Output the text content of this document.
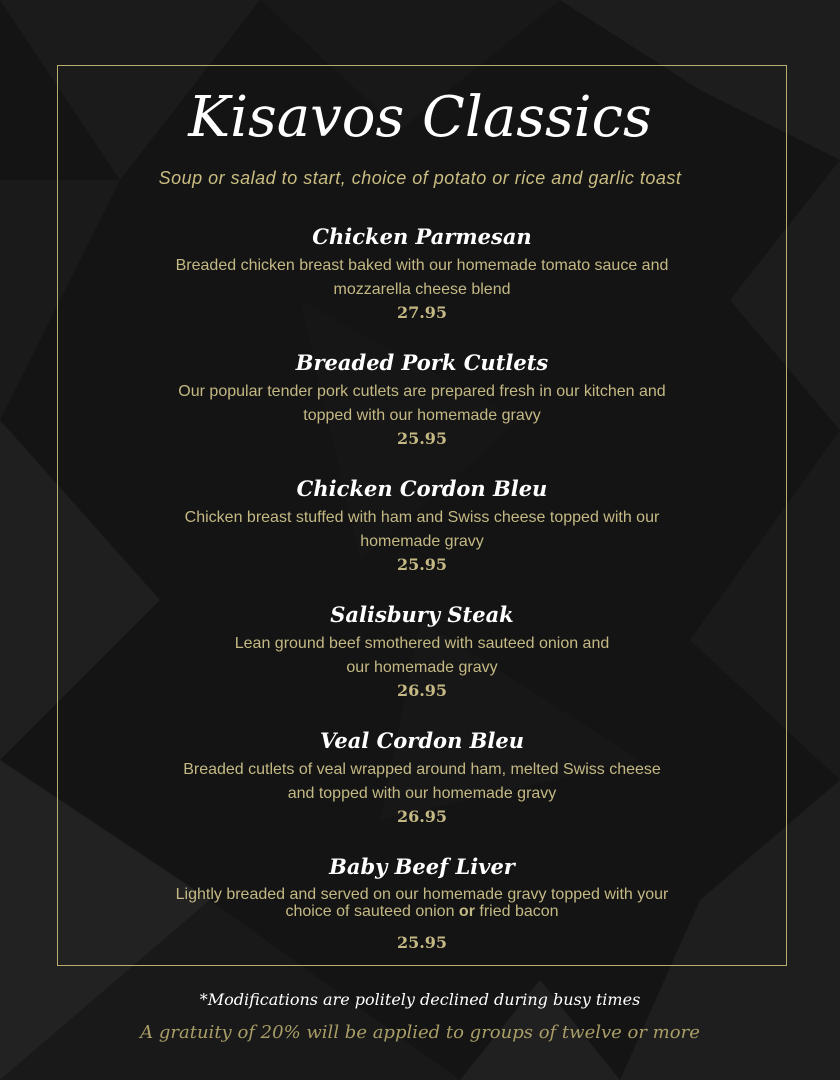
Kisavos Classics
Soup or salad to start, choice of potato or rice and garlic toast
Chicken Parmesan
Breaded chicken breast baked with our homemade tomato sauce and
mozzarella cheese blend
27.95
Breaded Pork Cutlets
Our popular tender pork cutlets are prepared fresh in our kitchen and
topped with our homemade gravy
25.95
Chicken Cordon Bleu
Chicken breast stuffed with ham and Swiss cheese topped with our
homemade gravy
25.95
Salisbury Steak
Lean ground beef smothered with sauteed onion and
our homemade gravy
26.95
Veal Cordon Bleu
Breaded cutlets of veal wrapped around ham, melted Swiss cheese
and topped with our homemade gravy
26.95
Baby Beef Liver
Lightly breaded and served on our homemade gravy topped with your
choice of sauteed onion or fried bacon
25.95
*Modifications are politely declined during busy times
A gratuity of 20% will be applied to groups of twelve or more
